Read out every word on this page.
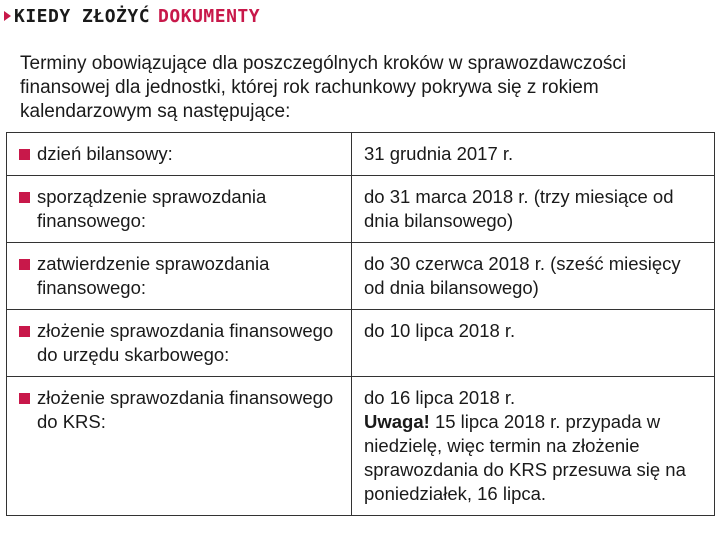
KIEDY ZŁOŻYĆ DOKUMENTY
Terminy obowiązujące dla poszczególnych kroków w sprawozdawczości finansowej dla jednostki, której rok rachunkowy pokrywa się z rokiem kalendarzowym są następujące:
dzień bilansowy:	31 grudnia 2017 r.

sporządzenie sprawozdania finansowego:	do 31 marca 2018 r. (trzy miesiące od dnia bilansowego)

zatwierdzenie sprawozdania finansowego:	do 30 czerwca 2018 r. (sześć miesięcy od dnia bilansowego)

złożenie sprawozdania finansowego do urzędu skarbowego:	do 10 lipca 2018 r.

złożenie sprawozdania finansowego do KRS:	do 16 lipca 2018 r.
Uwaga! 15 lipca 2018 r. przypada w niedzielę, więc termin na złożenie sprawozdania do KRS przesuwa się na poniedziałek, 16 lipca.
